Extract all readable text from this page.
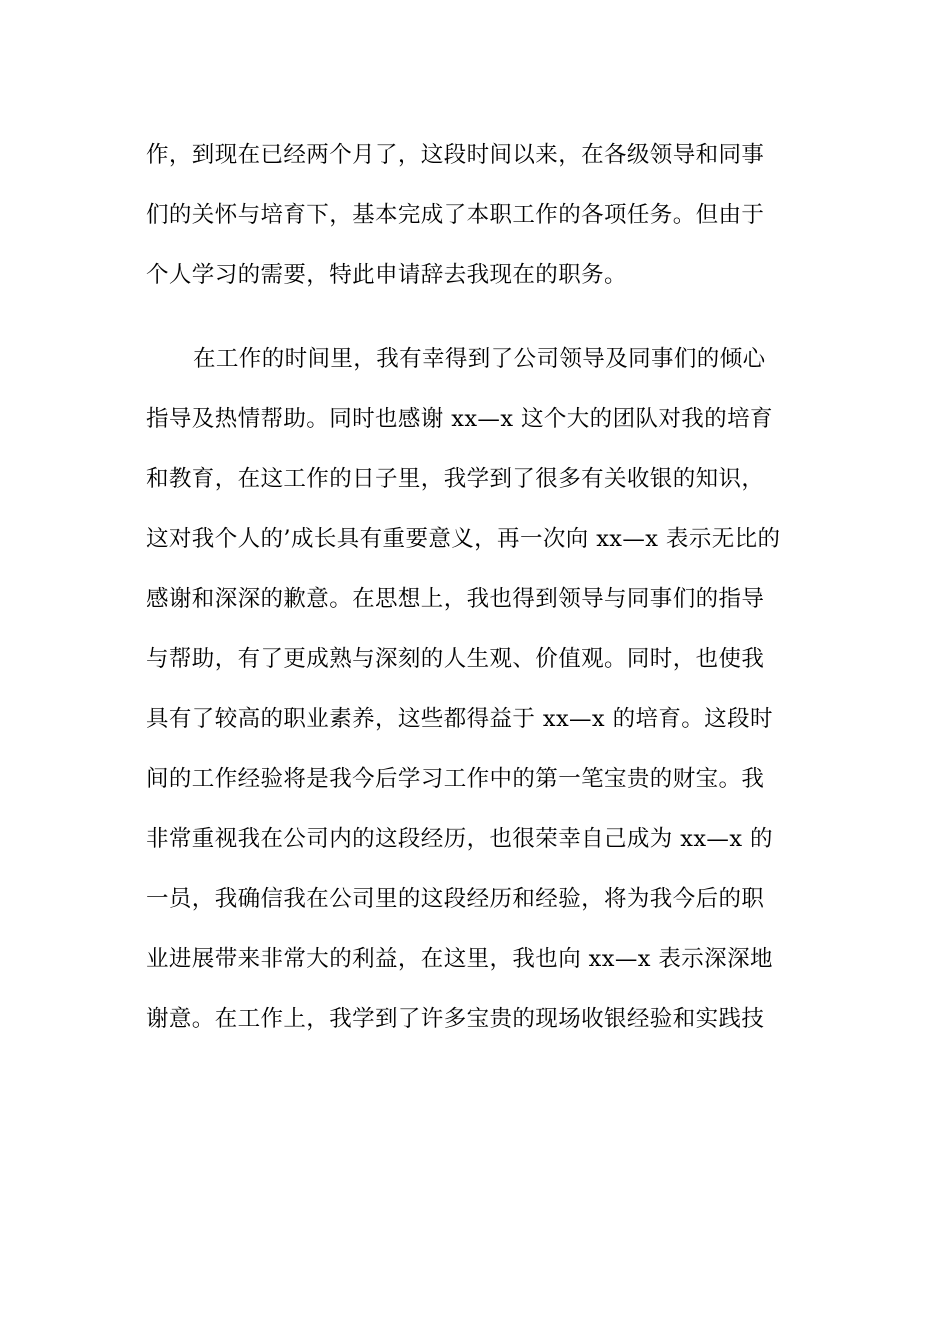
作，到现在已经两个月了，这段时间以来，在各级领导和同事
们的关怀与培育下，基本完成了本职工作的各项任务。但由于
个人学习的需要，特此申请辞去我现在的职务。
在工作的时间里，我有幸得到了公司领导及同事们的倾心
指导及热情帮助。同时也感谢 xx—x 这个大的团队对我的培育
和教育，在这工作的日子里，我学到了很多有关收银的知识，
这对我个人的’成长具有重要意义，再一次向 xx—x 表示无比的
感谢和深深的歉意。在思想上，我也得到领导与同事们的指导
与帮助，有了更成熟与深刻的人生观、价值观。同时，也使我
具有了较高的职业素养，这些都得益于 xx—x 的培育。这段时
间的工作经验将是我今后学习工作中的第一笔宝贵的财宝。我
非常重视我在公司内的这段经历，也很荣幸自己成为 xx—x 的
一员，我确信我在公司里的这段经历和经验，将为我今后的职
业进展带来非常大的利益，在这里，我也向 xx—x 表示深深地
谢意。在工作上，我学到了许多宝贵的现场收银经验和实践技
